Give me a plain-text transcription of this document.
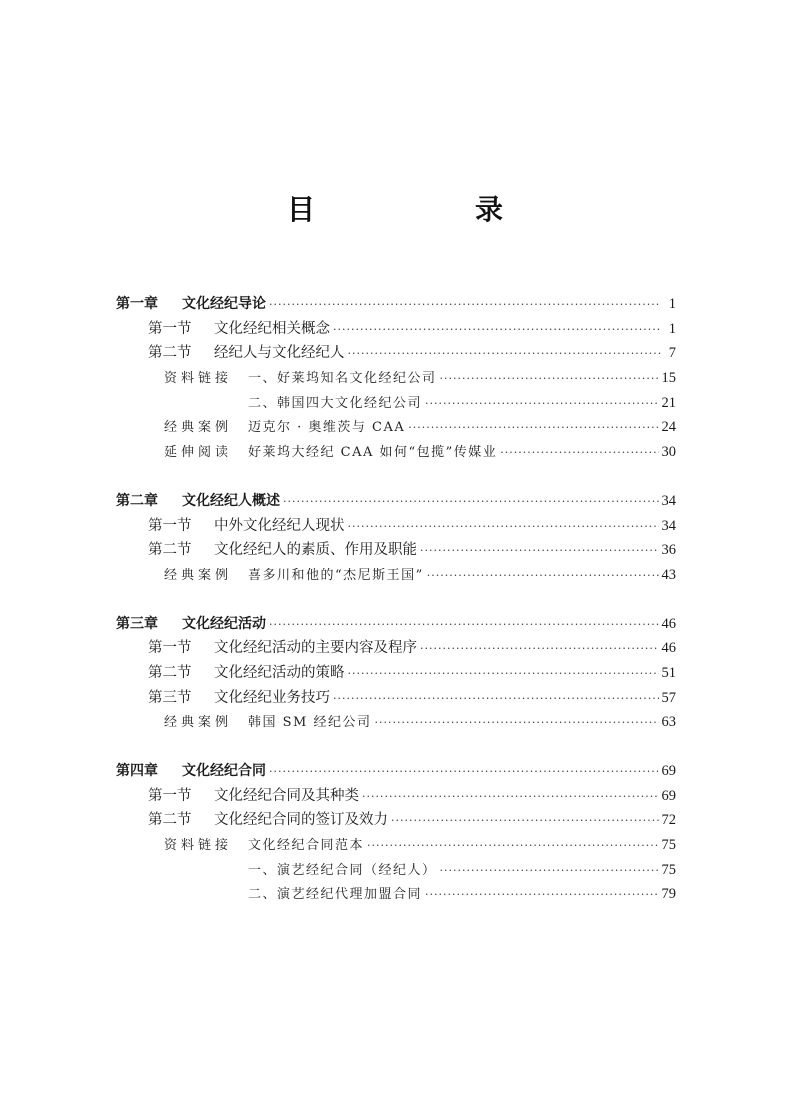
目　录
第一章 文化经纪导论 ·····	1
第一节 文化经纪相关概念 ·····	1
第二节 经纪人与文化经纪人 ·····	7
资料链接 一、好莱坞知名文化经纪公司 ·····	15
二、韩国四大文化经纪公司 ·····	21
经典案例 迈克尔 · 奥维茨与 CAA ·····	24
延伸阅读 好莱坞大经纪 CAA 如何“包揽”传媒业 ·····	30
第二章 文化经纪人概述 ·····	34
第一节 中外文化经纪人现状 ·····	34
第二节 文化经纪人的素质、作用及职能 ·····	36
经典案例 喜多川和他的“杰尼斯王国” ·····	43
第三章 文化经纪活动 ·····	46
第一节 文化经纪活动的主要内容及程序 ·····	46
第二节 文化经纪活动的策略 ·····	51
第三节 文化经纪业务技巧 ·····	57
经典案例 韩国 SM 经纪公司 ·····	63
第四章 文化经纪合同 ·····	69
第一节 文化经纪合同及其种类 ·····	69
第二节 文化经纪合同的签订及效力 ·····	72
资料链接 文化经纪合同范本 ·····	75
一、演艺经纪合同（经纪人） ·····	75
二、演艺经纪代理加盟合同 ·····	79
